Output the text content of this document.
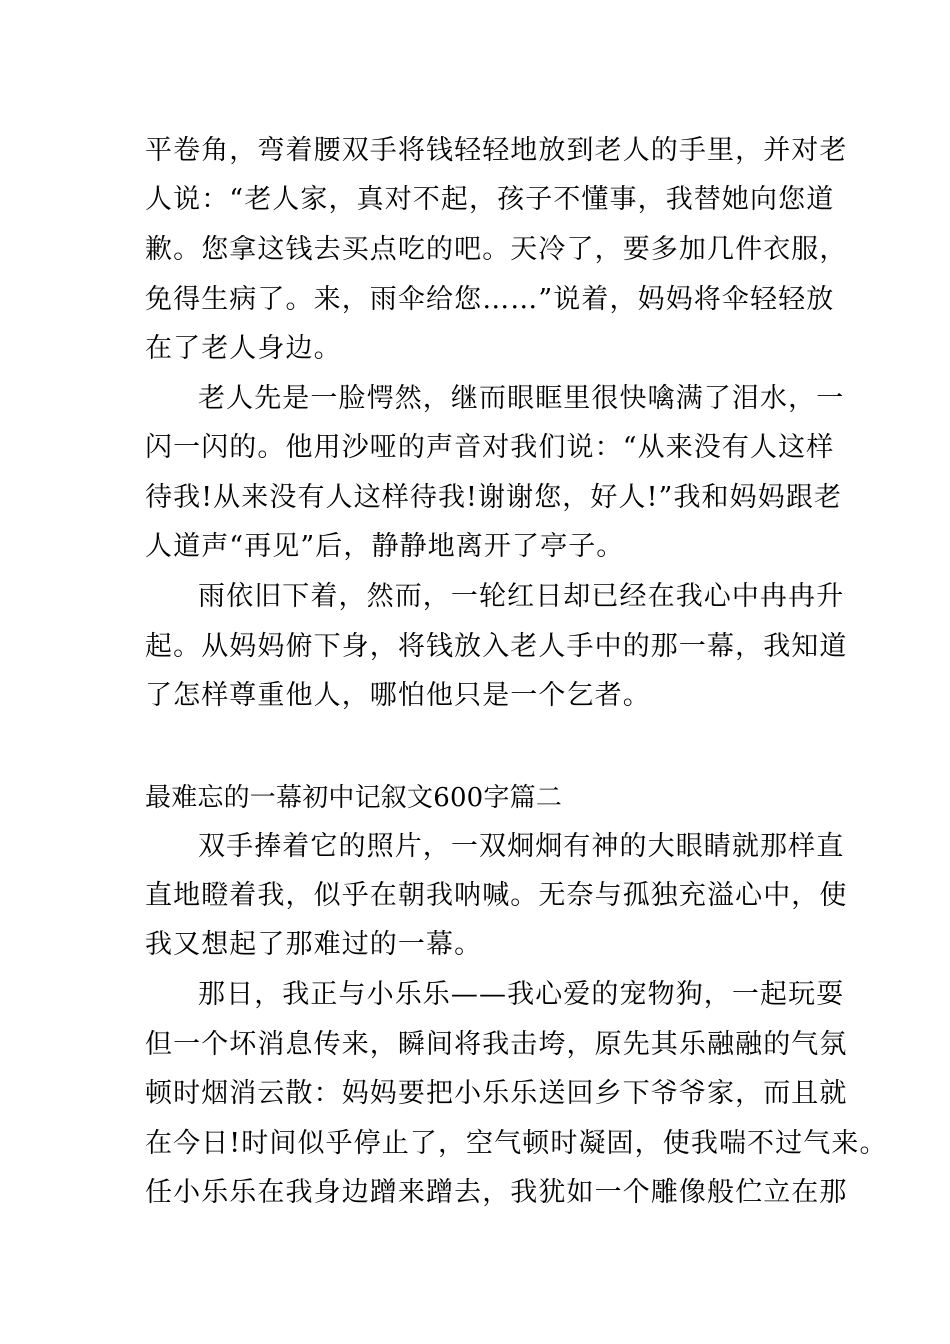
平卷角，弯着腰双手将钱轻轻地放到老人的手里，并对老
人说：“老人家，真对不起，孩子不懂事，我替她向您道
歉。您拿这钱去买点吃的吧。天冷了，要多加几件衣服，
免得生病了。来，雨伞给您……”说着，妈妈将伞轻轻放
在了老人身边。
老人先是一脸愕然，继而眼眶里很快噙满了泪水，一
闪一闪的。他用沙哑的声音对我们说：“从来没有人这样
待我!从来没有人这样待我!谢谢您，好人!”我和妈妈跟老
人道声“再见”后，静静地离开了亭子。
雨依旧下着，然而，一轮红日却已经在我心中冉冉升
起。从妈妈俯下身，将钱放入老人手中的那一幕，我知道
了怎样尊重他人，哪怕他只是一个乞者。
最难忘的一幕初中记叙文600字篇二
双手捧着它的照片，一双炯炯有神的大眼睛就那样直
直地瞪着我，似乎在朝我呐喊。无奈与孤独充溢心中，使
我又想起了那难过的一幕。
那日，我正与小乐乐——我心爱的宠物狗，一起玩耍
但一个坏消息传来，瞬间将我击垮，原先其乐融融的气氛
顿时烟消云散：妈妈要把小乐乐送回乡下爷爷家，而且就
在今日!时间似乎停止了，空气顿时凝固，使我喘不过气来。
任小乐乐在我身边蹭来蹭去，我犹如一个雕像般伫立在那
